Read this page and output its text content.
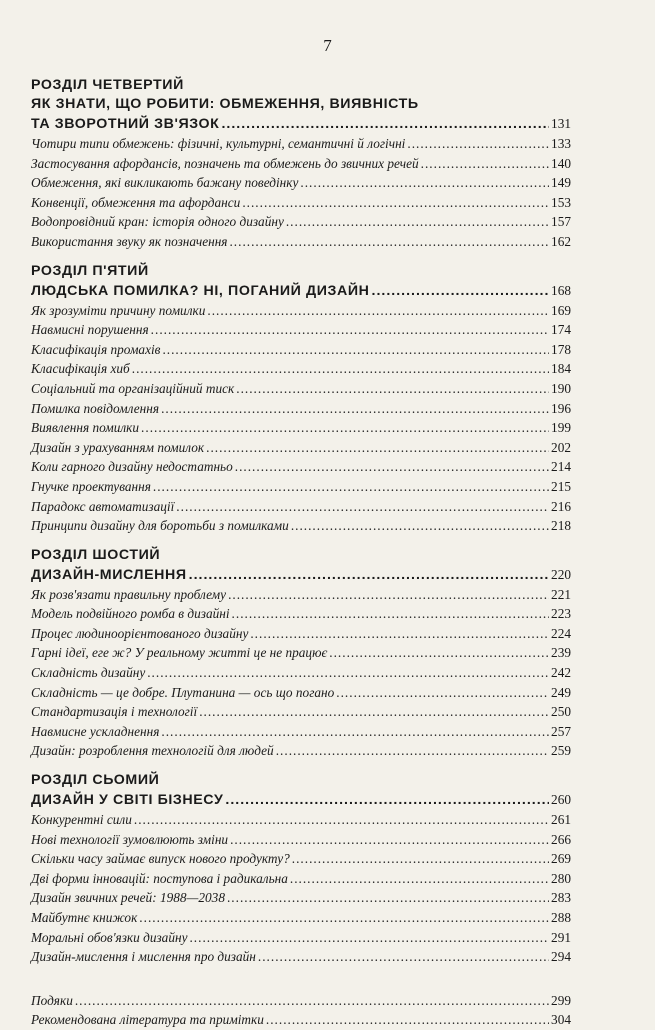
7
РОЗДІЛ ЧЕТВЕРТИЙ
ЯК ЗНАТИ, ЩО РОБИТИ: ОБМЕЖЕННЯ, ВИЯВНІСТЬ
ТА ЗВОРОТНИЙ ЗВ'ЯЗОК .....	131
Чотири типи обмежень: фізичні, культурні, семантичні й логічні .....	133
Застосування афордансів, позначень та обмежень до звичних речей .....	140
Обмеження, які викликають бажану поведінку .....	149
Конвенції, обмеження та афорданси .....	153
Водопровідний кран: історія одного дизайну .....	157
Використання звуку як позначення .....	162
РОЗДІЛ П'ЯТИЙ
ЛЮДСЬКА ПОМИЛКА? НІ, ПОГАНИЙ ДИЗАЙН .....	168
Як зрозуміти причину помилки .....	169
Навмисні порушення .....	174
Класифікація промахів .....	178
Класифікація хиб .....	184
Соціальний та організаційний тиск .....	190
Помилка повідомлення .....	196
Виявлення помилки .....	199
Дизайн з урахуванням помилок .....	202
Коли гарного дизайну недостатньо .....	214
Гнучке проектування .....	215
Парадокс автоматизації .....	216
Принципи дизайну для боротьби з помилками .....	218
РОЗДІЛ ШОСТИЙ
ДИЗАЙН-МИСЛЕННЯ .....	220
Як розв'язати правильну проблему .....	221
Модель подвійного ромба в дизайні .....	223
Процес людиноорієнтованого дизайну .....	224
Гарні ідеї, еге ж? У реальному житті це не працює .....	239
Складність дизайну .....	242
Складність — це добре. Плутанина — ось що погано .....	249
Стандартизація і технології .....	250
Навмисне ускладнення .....	257
Дизайн: розроблення технологій для людей .....	259
РОЗДІЛ СЬОМИЙ
ДИЗАЙН У СВІТІ БІЗНЕСУ .....	260
Конкурентні сили .....	261
Нові технології зумовлюють зміни .....	266
Скільки часу займає випуск нового продукту? .....	269
Дві форми інновацій: поступова і радикальна .....	280
Дизайн звичних речей: 1988—2038 .....	283
Майбутнє книжок .....	288
Моральні обов'язки дизайну .....	291
Дизайн-мислення і мислення про дизайн .....	294
Подяки .....	299
Рекомендована література та примітки .....	304
